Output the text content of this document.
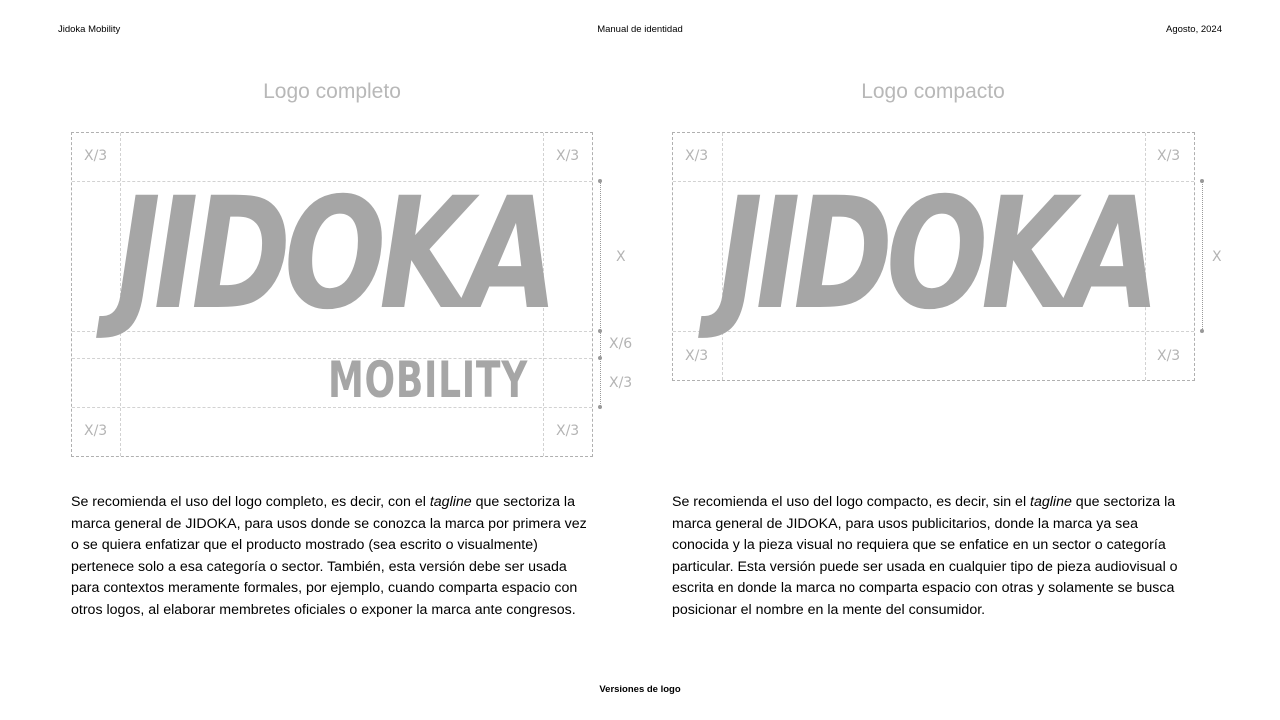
Jidoka Mobility	Manual de identidad	Agosto, 2024
Logo completo
JIDOKA
MOBILITY
X/3	X/3
X/3	X/3
X
X/6
X/3

Se recomienda el uso del logo completo, es decir, con el tagline que sectoriza la marca general de JIDOKA, para usos donde se conozca la marca por primera vez o se quiera enfatizar que el producto mostrado (sea escrito o visualmente) pertenece solo a esa categoría o sector. También, esta versión debe ser usada para contextos meramente formales, por ejemplo, cuando comparta espacio con otros logos, al elaborar membretes oficiales o exponer la marca ante congresos.

Logo compacto
JIDOKA
X/3	X/3
X/3	X/3
X

Se recomienda el uso del logo compacto, es decir, sin el tagline que sectoriza la marca general de JIDOKA, para usos publicitarios, donde la marca ya sea conocida y la pieza visual no requiera que se enfatice en un sector o categoría particular. Esta versión puede ser usada en cualquier tipo de pieza audiovisual o escrita en donde la marca no comparta espacio con otras y solamente se busca posicionar el nombre en la mente del consumidor.

Versiones de logo
